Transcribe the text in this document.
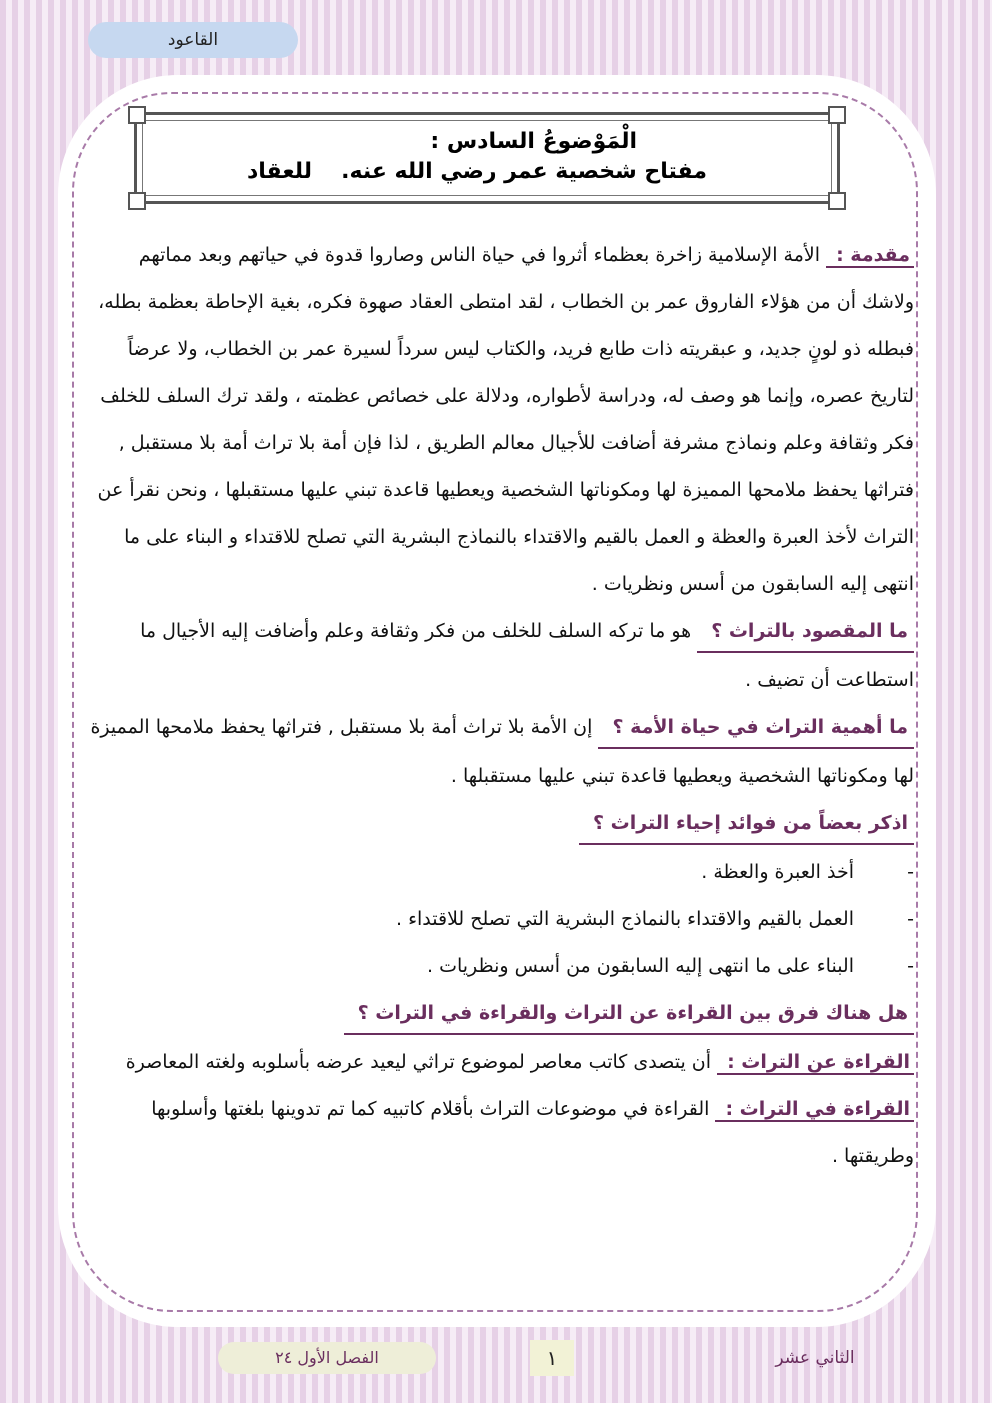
القاعود
الْمَوْضوعُ السادس :
مفتاح شخصية عمر رضي الله عنه.
للعقاد

مقدمة : الأمة الإسلامية زاخرة بعظماء أثروا في حياة الناس وصاروا قدوة في حياتهم وبعد مماتهم ولاشك أن من هؤلاء الفاروق عمر بن الخطاب ، لقد امتطى العقاد صهوة فكره، بغية الإحاطة بعظمة بطله، فبطله ذو لونٍ جديد، و عبقريته ذات طابع فريد، والكتاب ليس سرداً لسيرة عمر بن الخطاب، ولا عرضاً لتاريخ عصره، وإنما هو وصف له، ودراسة لأطواره، ودلالة على خصائص عظمته ، ولقد ترك السلف للخلف فكر وثقافة وعلم ونماذج مشرفة أضافت للأجيال معالم الطريق ، لذا فإن أمة بلا تراث أمة بلا مستقبل , فتراثها يحفظ ملامحها المميزة لها ومكوناتها الشخصية ويعطيها قاعدة تبني عليها مستقبلها ، ونحن نقرأ عن التراث لأخذ العبرة والعظة و العمل بالقيم والاقتداء بالنماذج البشرية التي تصلح للاقتداء و البناء على ما انتهى إليه السابقون من أسس ونظريات .

ما المقصود بالتراث ؟ هو ما تركه السلف للخلف من فكر وثقافة وعلم وأضافت إليه الأجيال ما استطاعت أن تضيف .

ما أهمية التراث في حياة الأمة ؟ إن الأمة بلا تراث أمة بلا مستقبل , فتراثها يحفظ ملامحها المميزة لها ومكوناتها الشخصية ويعطيها قاعدة تبني عليها مستقبلها .

اذكر بعضاً من فوائد إحياء التراث ؟

-
أخذ العبرة والعظة .
-
العمل بالقيم والاقتداء بالنماذج البشرية التي تصلح للاقتداء .
-
البناء على ما انتهى إليه السابقون من أسس ونظريات .

هل هناك فرق بين القراءة عن التراث والقراءة في التراث ؟

القراءة عن التراث : أن يتصدى كاتب معاصر لموضوع تراثي ليعيد عرضه بأسلوبه ولغته المعاصرة

القراءة في التراث : القراءة في موضوعات التراث بأقلام كاتبيه كما تم تدوينها بلغتها وأسلوبها وطريقتها .

الفصل الأول ٢٤	١	الثاني عشر
